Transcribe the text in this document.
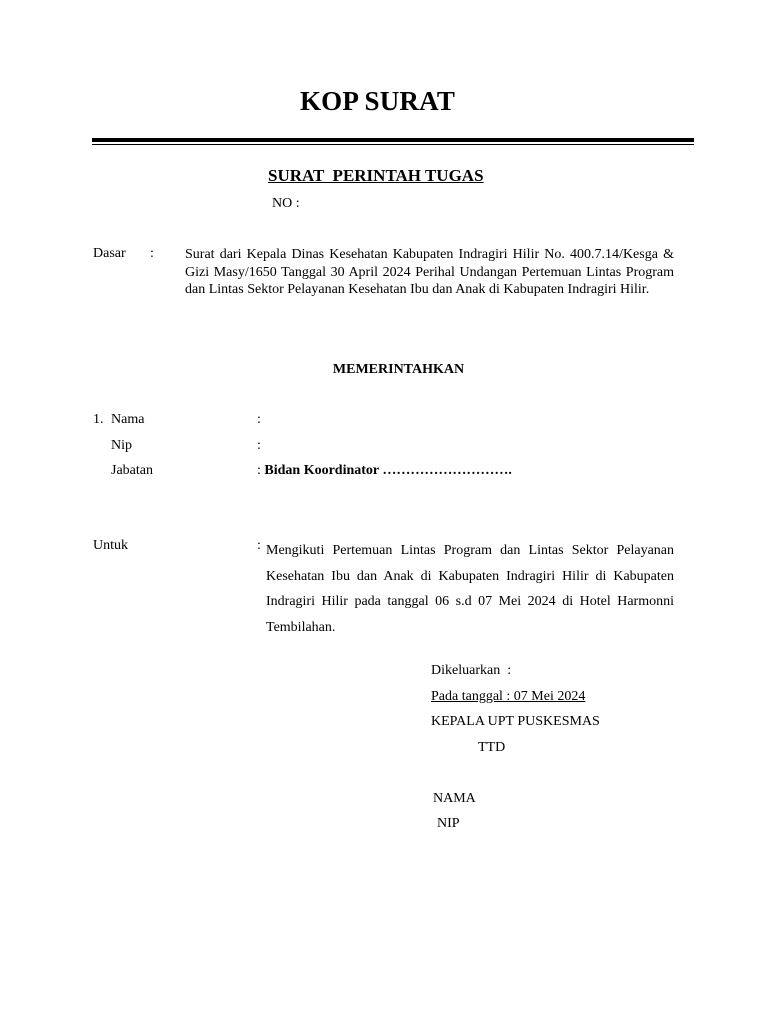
KOP SURAT
SURAT  PERINTAH TUGAS
NO :
Dasar : Surat dari Kepala Dinas Kesehatan Kabupaten Indragiri Hilir No. 400.7.14/Kesga & Gizi Masy/1650 Tanggal 30 April 2024 Perihal Undangan Pertemuan Lintas Program dan Lintas Sektor Pelayanan Kesehatan Ibu dan Anak di Kabupaten Indragiri Hilir.
MEMERINTAHKAN
1. Nama	:
Nip	:
Jabatan	: Bidan Koordinator ……………………….
Untuk	: Mengikuti Pertemuan Lintas Program dan Lintas Sektor Pelayanan Kesehatan Ibu dan Anak di Kabupaten Indragiri Hilir di Kabupaten Indragiri Hilir pada tanggal 06 s.d 07 Mei 2024 di Hotel Harmonni Tembilahan.
Dikeluarkan  :
Pada tanggal : 07 Mei 2024
KEPALA UPT PUSKESMAS
TTD
NAMA
NIP
